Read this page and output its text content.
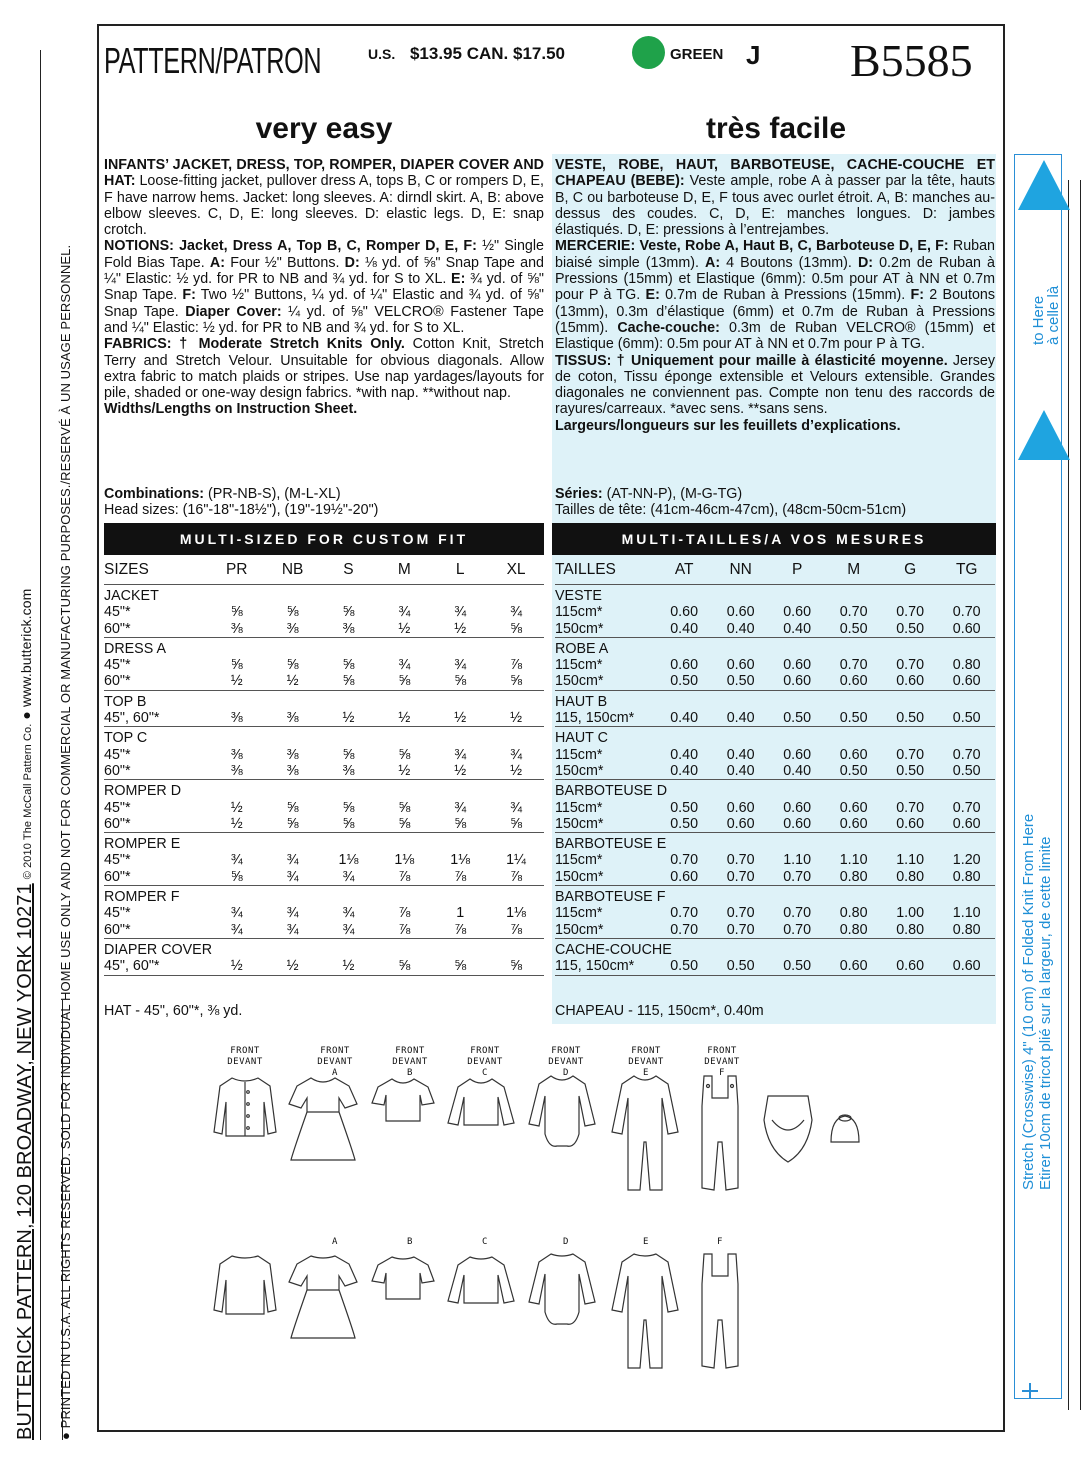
BUTTERICK PATTERN, 120 BROADWAY, NEW YORK 10271 © 2010 The McCall Pattern Co. ● www.butterick.com
● PRINTED IN U.S.A. ALL RIGHTS RESERVED. SOLD FOR INDIVIDUAL HOME USE ONLY AND NOT FOR COMMERCIAL OR MANUFACTURING PURPOSES./RESERVÉ À UN USAGE PERSONNEL.
PATTERN/PATRON	U.S. $13.95 CAN. $17.50	GREEN J B5585
very easy	très facile

INFANTS’ JACKET, DRESS, TOP, ROMPER, DIAPER COVER AND HAT: Loose-fitting jacket, pullover dress A, tops B, C or rompers D, E, F have narrow hems. Jacket: long sleeves. A: dirndl skirt. A, B: above elbow sleeves. C, D, E: long sleeves. D: elastic legs. D, E: snap crotch.

NOTIONS: Jacket, Dress A, Top B, C, Romper D, E, F: ½" Single Fold Bias Tape. A: Four ½" Buttons. D: ⅛ yd. of ⅝" Snap Tape and ¼" Elastic: ½ yd. for PR to NB and ¾ yd. for S to XL. E: ¾ yd. of ⅝" Snap Tape. F: Two ½" Buttons, ¼ yd. of ¼" Elastic and ¾ yd. of ⅝" Snap Tape. Diaper Cover: ¼ yd. of ⅝" VELCRO® Fastener Tape and ¼" Elastic: ½ yd. for PR to NB and ¾ yd. for S to XL.

FABRICS: † Moderate Stretch Knits Only. Cotton Knit, Stretch Terry and Stretch Velour. Unsuitable for obvious diagonals. Allow extra fabric to match plaids or stripes. Use nap yardages/layouts for pile, shaded or one-way design fabrics. *with nap. **without nap.

Widths/Lengths on Instruction Sheet.

VESTE, ROBE, HAUT, BARBOTEUSE, CACHE-COUCHE ET CHAPEAU (BEBE): Veste ample, robe A à passer par la tête, hauts B, C ou barboteuse D, E, F tous avec ourlet étroit. A, B: manches au-dessus des coudes. C, D, E: manches longues. D: jambes élastiqués. D, E: pressions à l’entrejambes.

MERCERIE: Veste, Robe A, Haut B, C, Barboteuse D, E, F: Ruban biaisé simple (13mm). A: 4 Boutons (13mm). D: 0.2m de Ruban à Pressions (15mm) et Elastique (6mm): 0.5m pour AT à NN et 0.7m pour P à TG. E: 0.7m de Ruban à Pressions (15mm). F: 2 Boutons (13mm), 0.3m d’élastique (6mm) et 0.7m de Ruban à Pressions (15mm). Cache-couche: 0.3m de Ruban VELCRO® (15mm) et Elastique (6mm): 0.5m pour AT à NN et 0.7m pour P à TG.

TISSUS: † Uniquement pour maille à élasticité moyenne. Jersey de coton, Tissu éponge extensible et Velours extensible. Grandes diagonales ne conviennent pas. Compte non tenu des raccords de rayures/carreaux. *avec sens. **sans sens.

Largeurs/longueurs sur les feuillets d’explications.

Combinations: (PR-NB-S), (M-L-XL)
Head sizes: (16"-18"-18½"), (19"-19½"-20")
Séries: (AT-NN-P), (M-G-TG)
Tailles de tête: (41cm-46cm-47cm), (48cm-50cm-51cm)
MULTI-SIZED FOR CUSTOM FIT	MULTI-TAILLES/A VOS MESURES
SIZES	PR	NB	S	M	L	XL
JACKET						
45"*	⅝	⅝	⅝	¾	¾	¾
60"*	⅜	⅜	⅜	½	½	⅝
DRESS A						
45"*	⅝	⅝	⅝	¾	¾	⅞
60"*	½	½	⅝	⅝	⅝	⅝
TOP B						
45", 60"*	⅜	⅜	½	½	½	½
TOP C						
45"*	⅜	⅜	⅝	⅝	¾	¾
60"*	⅜	⅜	⅜	½	½	½
ROMPER D						
45"*	½	⅝	⅝	⅝	¾	¾
60"*	½	⅝	⅝	⅝	⅝	⅝
ROMPER E						
45"*	¾	¾	1⅛	1⅛	1⅛	1¼
60"*	⅝	¾	¾	⅞	⅞	⅞
ROMPER F						
45"*	¾	¾	¾	⅞	1	1⅛
60"*	¾	¾	¾	⅞	⅞	⅞
DIAPER COVER						
45", 60"*	½	½	½	⅝	⅝	⅝

TAILLES	AT	NN	P	M	G	TG
VESTE						
115cm*	0.60	0.60	0.60	0.70	0.70	0.70
150cm*	0.40	0.40	0.40	0.50	0.50	0.60
ROBE A						
115cm*	0.60	0.60	0.60	0.70	0.70	0.80
150cm*	0.50	0.50	0.60	0.60	0.60	0.60
HAUT B						
115, 150cm*	0.40	0.40	0.50	0.50	0.50	0.50
HAUT C						
115cm*	0.40	0.40	0.60	0.60	0.70	0.70
150cm*	0.40	0.40	0.40	0.50	0.50	0.50
BARBOTEUSE D						
115cm*	0.50	0.60	0.60	0.60	0.70	0.70
150cm*	0.50	0.60	0.60	0.60	0.60	0.60
BARBOTEUSE E						
115cm*	0.70	0.70	1.10	1.10	1.10	1.20
150cm*	0.60	0.70	0.70	0.80	0.80	0.80
BARBOTEUSE F						
115cm*	0.70	0.70	0.70	0.80	1.00	1.10
150cm*	0.70	0.70	0.70	0.80	0.80	0.80
CACHE-COUCHE						
115, 150cm*	0.50	0.50	0.50	0.60	0.60	0.60

HAT - 45", 60"*, ⅜ yd.	CHAPEAU - 115, 150cm*, 0.40m
to Here
à celle là
Stretch (Crosswise) 4" (10 cm) of Folded Knit From Here Etirer 10cm de tricot plié sur la largeur, de cette limite
FRONT
DEVANT
FRONT
DEVANT
A
FRONT
DEVANT
B
FRONT
DEVANT
C
FRONT
DEVANT
D
FRONT
DEVANT
E
FRONT
DEVANT
F
A	B	C	D	E	F
